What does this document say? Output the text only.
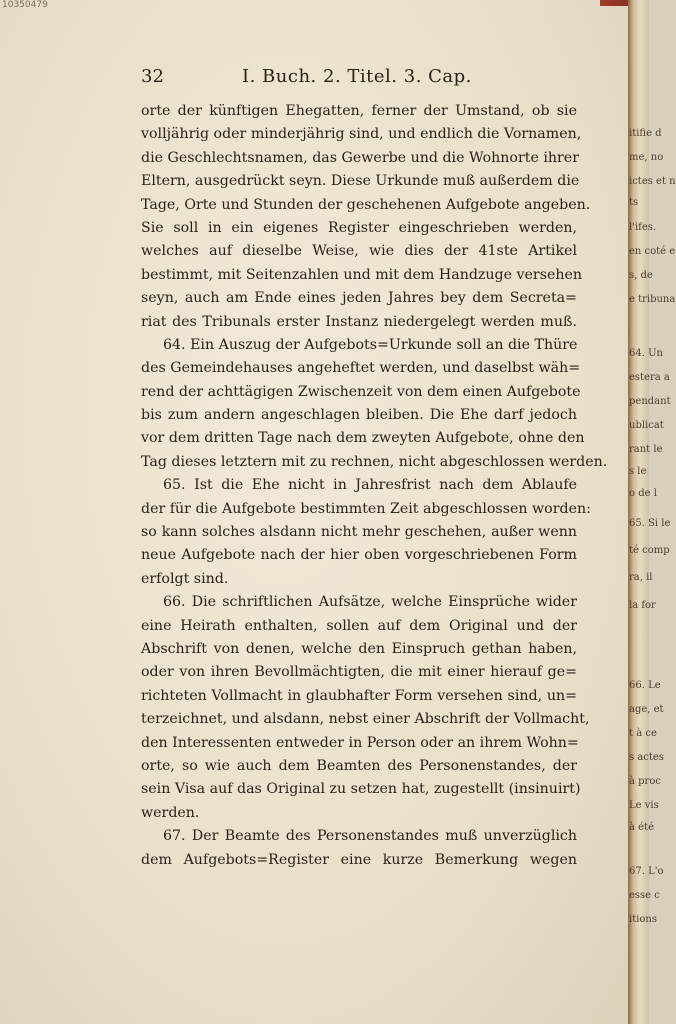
10350479
32	I. Buch. 2. Titel. 3. Cap.
orte der künftigen Ehegatten, ferner der Umstand, ob sie
volljährig oder minderjährig sind, und endlich die Vornamen,
die Geschlechtsnamen, das Gewerbe und die Wohnorte ihrer
Eltern, ausgedrückt seyn. Diese Urkunde muß außerdem die
Tage, Orte und Stunden der geschehenen Aufgebote angeben.
Sie soll in ein eigenes Register eingeschrieben werden,
welches auf dieselbe Weise, wie dies der 41ste Artikel
bestimmt, mit Seitenzahlen und mit dem Handzuge versehen
seyn, auch am Ende eines jeden Jahres bey dem Secreta=
riat des Tribunals erster Instanz niedergelegt werden muß.
64. Ein Auszug der Aufgebots=Urkunde soll an die Thüre
des Gemeindehauses angeheftet werden, und daselbst wäh=
rend der achttägigen Zwischenzeit von dem einen Aufgebote
bis zum andern angeschlagen bleiben. Die Ehe darf jedoch
vor dem dritten Tage nach dem zweyten Aufgebote, ohne den
Tag dieses letztern mit zu rechnen, nicht abgeschlossen werden.
65. Ist die Ehe nicht in Jahresfrist nach dem Ablaufe
der für die Aufgebote bestimmten Zeit abgeschlossen worden:
so kann solches alsdann nicht mehr geschehen, außer wenn
neue Aufgebote nach der hier oben vorgeschriebenen Form
erfolgt sind.
66. Die schriftlichen Aufsätze, welche Einsprüche wider
eine Heirath enthalten, sollen auf dem Original und der
Abschrift von denen, welche den Einspruch gethan haben,
oder von ihren Bevollmächtigten, die mit einer hierauf ge=
richteten Vollmacht in glaubhafter Form versehen sind, un=
terzeichnet, und alsdann, nebst einer Abschrift der Vollmacht,
den Interessenten entweder in Person oder an ihrem Wohn=
orte, so wie auch dem Beamten des Personenstandes, der
sein Visa auf das Original zu setzen hat, zugestellt (insinuirt)
werden.
67. Der Beamte des Personenstandes muß unverzüglich
dem Aufgebots=Register eine kurze Bemerkung wegen
itifie d
me, no
ictes et n
ts
l'ifes.
en coté e
s, de
e tribuna
64. Un
estera a
pendant
ublicat
rant le
s le
o de l
65. Si le
té comp
ra, il
la for
66. Le
age, et
t à ce
s actes
à proc
Le vis
à été
67. L'o
esse c
itions
